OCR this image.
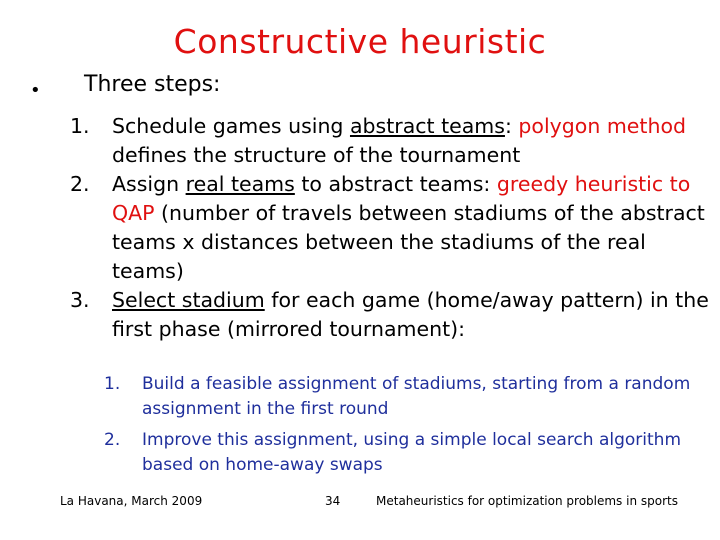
Constructive heuristic
• Three steps:
1. Schedule games using abstract teams: polygon method defines the structure of the tournament
2. Assign real teams to abstract teams: greedy heuristic to QAP (number of travels between stadiums of the abstract teams x distances between the stadiums of the real teams)
3. Select stadium for each game (home/away pattern) in the first phase (mirrored tournament):
1. Build a feasible assignment of stadiums, starting from a random assignment in the first round
2. Improve this assignment, using a simple local search algorithm based on home-away swaps
La Havana, March 2009	34	Metaheuristics for optimization problems in sports
